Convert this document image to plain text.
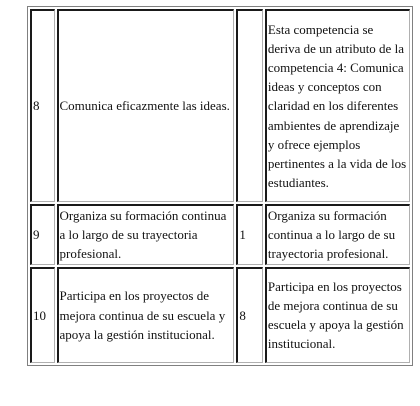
8	Comunica eficazmente las ideas.		Esta competencia se deriva de un atributo de la competencia 4: Comunica ideas y conceptos con claridad en los diferentes ambientes de aprendizaje y ofrece ejemplos pertinentes a la vida de los estudiantes.
9	Organiza su formación continua a lo largo de su trayectoria profesional.	1	Organiza su formación continua a lo largo de su trayectoria profesional.
10	Participa en los proyectos de mejora continua de su escuela y apoya la gestión institucional.	8	Participa en los proyectos de mejora continua de su escuela y apoya la gestión institucional.
